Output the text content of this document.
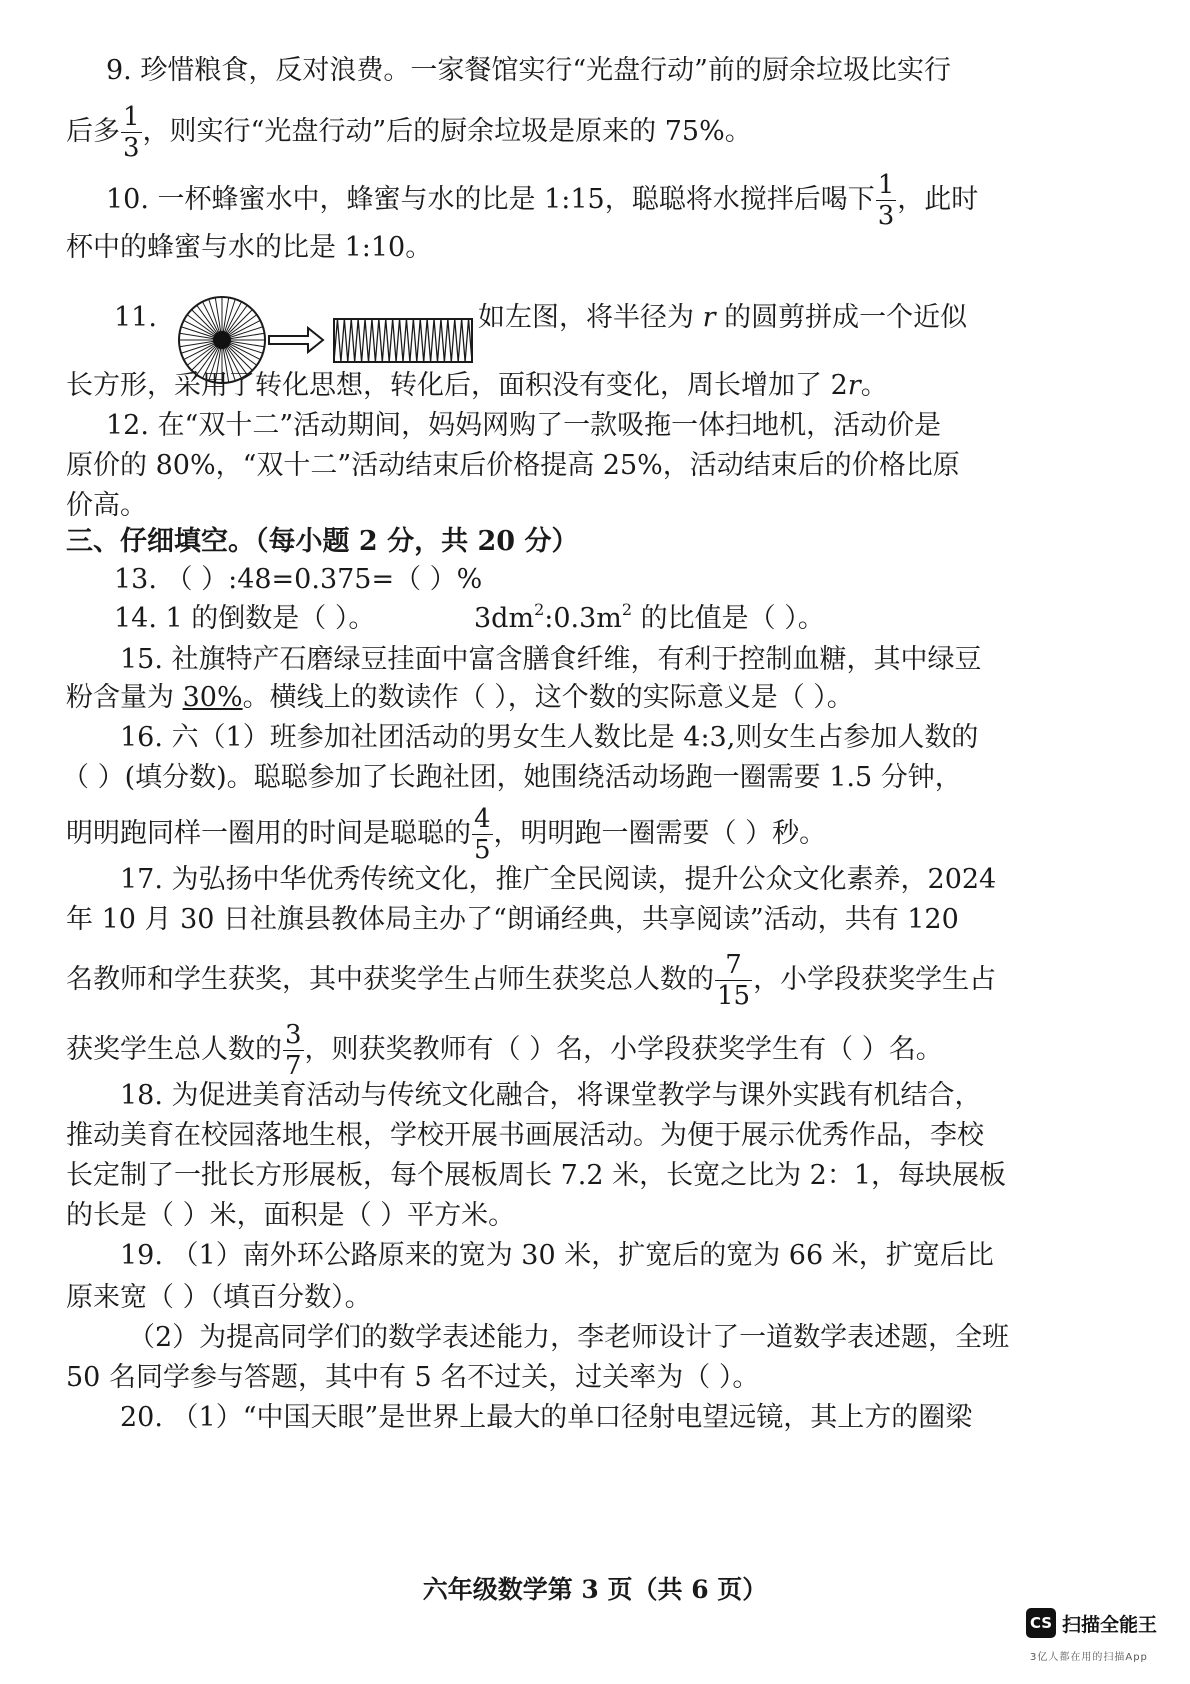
9. 珍惜粮食，反对浪费。一家餐馆实行“光盘行动”前的厨余垃圾比实行
后多 $\frac{1}{3}$ ，则实行“光盘行动”后的厨余垃圾是原来的 75%。
10. 一杯蜂蜜水中，蜂蜜与水的比是 1:15，聪聪将水搅拌后喝下 $\frac{1}{3}$ ，此时
杯中的蜂蜜与水的比是 1:10。
11.	如左图，将半径为 r 的圆剪拼成一个近似
长方形，采用了转化思想，转化后，面积没有变化，周长增加了 2r。
12. 在“双十二”活动期间，妈妈网购了一款吸拖一体扫地机，活动价是
原价的 80%，“双十二”活动结束后价格提高 25%，活动结束后的价格比原
价高。
三、仔细填空。（每小题 2 分，共 20 分）
13. （ ）:48=0.375=（ ）%
14. 1 的倒数是（ ）。	$3dm^2:0.3m^2$ 的比值是（ ）。
15. 社旗特产石磨绿豆挂面中富含膳食纤维，有利于控制血糖，其中绿豆
粉含量为 30%。横线上的数读作（ ），这个数的实际意义是（ ）。
16. 六（1）班参加社团活动的男女生人数比是 4:3,则女生占参加人数的
（ ）(填分数)。聪聪参加了长跑社团，她围绕活动场跑一圈需要 1.5 分钟，
明明跑同样一圈用的时间是聪聪的 $\frac{4}{5}$ ，明明跑一圈需要（ ）秒。
17. 为弘扬中华优秀传统文化，推广全民阅读，提升公众文化素养，2024
年 10 月 30 日社旗县教体局主办了“朗诵经典，共享阅读”活动，共有 120
名教师和学生获奖，其中获奖学生占师生获奖总人数的 $\frac{7}{15}$ ，小学段获奖学生占
获奖学生总人数的 $\frac{3}{7}$ ，则获奖教师有（ ）名，小学段获奖学生有（ ）名。
18. 为促进美育活动与传统文化融合，将课堂教学与课外实践有机结合，
推动美育在校园落地生根，学校开展书画展活动。为便于展示优秀作品，李校
长定制了一批长方形展板，每个展板周长 7.2 米，长宽之比为 2：1，每块展板
的长是（ ）米，面积是（ ）平方米。
19. （1）南外环公路原来的宽为 30 米，扩宽后的宽为 66 米，扩宽后比
原来宽（ ）（填百分数）。
（2）为提高同学们的数学表述能力，李老师设计了一道数学表述题，全班
50 名同学参与答题，其中有 5 名不过关，过关率为（ ）。
20. （1）“中国天眼”是世界上最大的单口径射电望远镜，其上方的圈梁
六年级数学第 3 页（共 6 页）
CS 扫描全能王
3亿人都在用的扫描App
